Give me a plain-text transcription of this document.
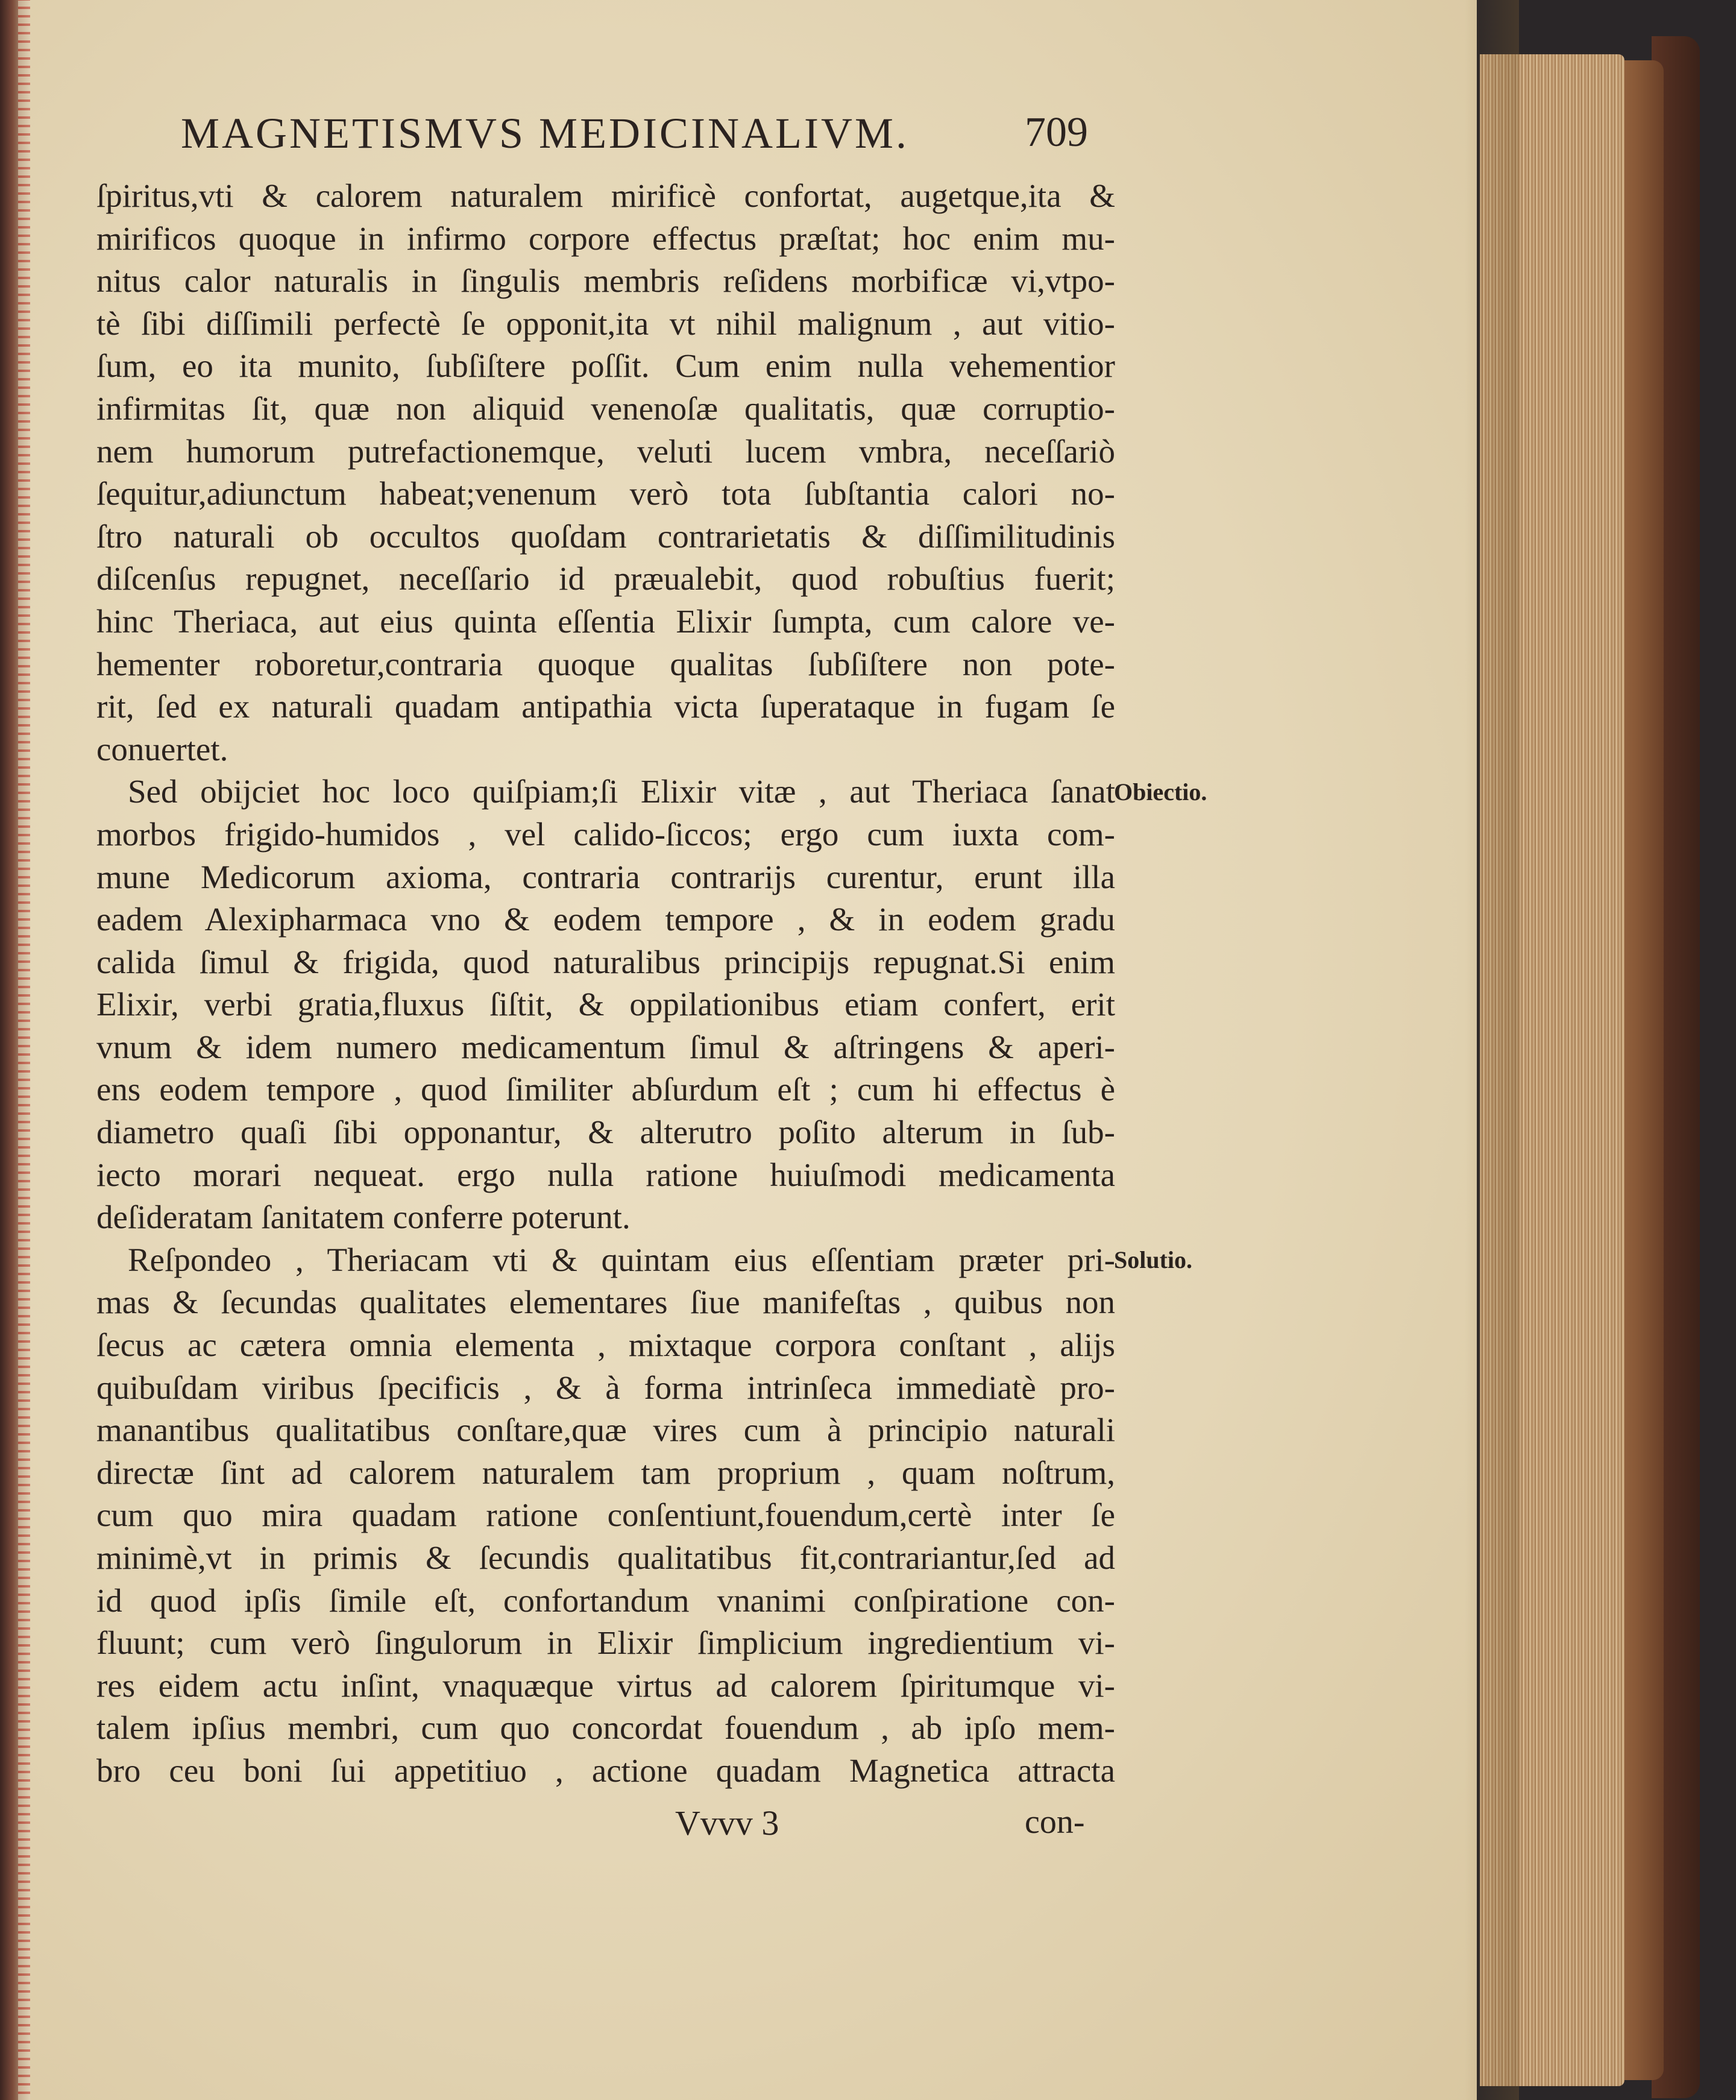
MAGNETISMVS MEDICINALIVM.	709
ſpiritus,vti & calorem naturalem mirificè confortat, augetque,ita &
mirificos quoque in infirmo corpore effectus præſtat; hoc enim mu-
nitus calor naturalis in ſingulis membris reſidens morbificæ vi,vtpo-
tè ſibi diſſimili perfectè ſe opponit,ita vt nihil malignum , aut vitio-
ſum, eo ita munito, ſubſiſtere poſſit. Cum enim nulla vehementior
infirmitas ſit, quæ non aliquid venenoſæ qualitatis, quæ corruptio-
nem humorum putrefactionemque, veluti lucem vmbra, neceſſariò
ſequitur,adiunctum habeat;venenum verò tota ſubſtantia calori no-
ſtro naturali ob occultos quoſdam contrarietatis & diſſimilitudinis
diſcenſus repugnet, neceſſario id præualebit, quod robuſtius fuerit;
hinc Theriaca, aut eius quinta eſſentia Elixir ſumpta, cum calore ve-
hementer roboretur,contraria quoque qualitas ſubſiſtere non pote-
rit, ſed ex naturali quadam antipathia victa ſuperataque in fugam ſe
conuertet.
Sed obijciet hoc loco quiſpiam;ſi Elixir vitæ , aut Theriaca ſanat
morbos frigido-humidos , vel calido-ſiccos; ergo cum iuxta com-
mune Medicorum axioma, contraria contrarijs curentur, erunt illa
eadem Alexipharmaca vno & eodem tempore , & in eodem gradu
calida ſimul & frigida, quod naturalibus principijs repugnat.Si enim
Elixir, verbi gratia,fluxus ſiſtit, & oppilationibus etiam confert, erit
vnum & idem numero medicamentum ſimul & aſtringens & aperi-
ens eodem tempore , quod ſimiliter abſurdum eſt ; cum hi effectus è
diametro quaſi ſibi opponantur, & alterutro poſito alterum in ſub-
iecto morari nequeat. ergo nulla ratione huiuſmodi medicamenta
deſideratam ſanitatem conferre poterunt.
Reſpondeo , Theriacam vti & quintam eius eſſentiam præter pri-
mas & ſecundas qualitates elementares ſiue manifeſtas , quibus non
ſecus ac cætera omnia elementa , mixtaque corpora conſtant , alijs
quibuſdam viribus ſpecificis , & à forma intrinſeca immediatè pro-
manantibus qualitatibus conſtare,quæ vires cum à principio naturali
directæ ſint ad calorem naturalem tam proprium , quam noſtrum,
cum quo mira quadam ratione conſentiunt,fouendum,certè inter ſe
minimè,vt in primis & ſecundis qualitatibus fit,contrariantur,ſed ad
id quod ipſis ſimile eſt, confortandum vnanimi conſpiratione con-
fluunt; cum verò ſingulorum in Elixir ſimplicium ingredientium vi-
res eidem actu inſint, vnaquæque virtus ad calorem ſpiritumque vi-
talem ipſius membri, cum quo concordat fouendum , ab ipſo mem-
bro ceu boni ſui appetitiuo , actione quadam Magnetica attracta
Obiectio.
Solutio.
Vvvv 3	con-
